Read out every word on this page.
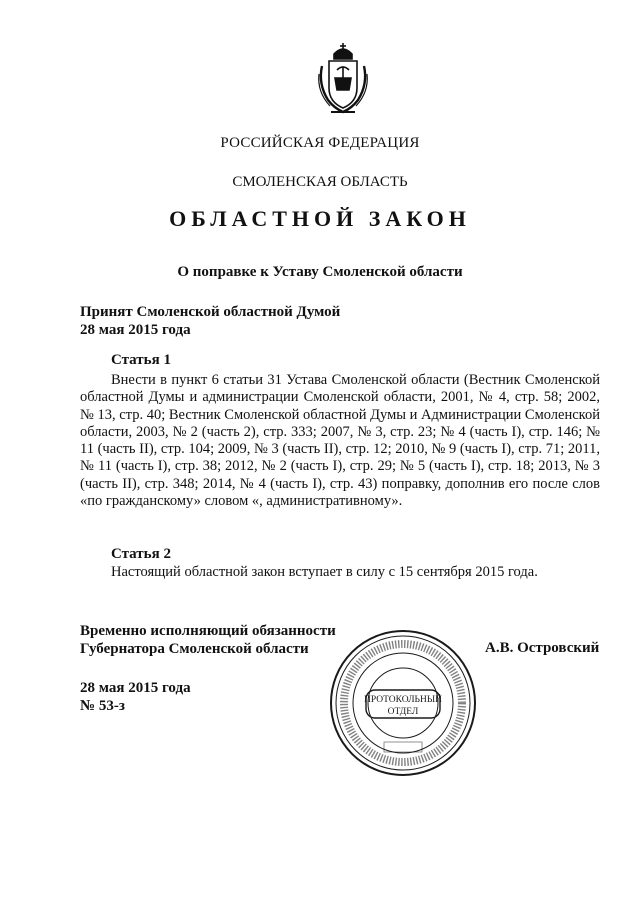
РОССИЙСКАЯ ФЕДЕРАЦИЯ
СМОЛЕНСКАЯ ОБЛАСТЬ
ОБЛАСТНОЙ ЗАКОН
О поправке к Уставу Смоленской области
Принят Смоленской областной Думой
28 мая 2015 года
Статья 1
Внести в пункт 6 статьи 31 Устава Смоленской области (Вестник Смоленской областной Думы и администрации Смоленской области, 2001, № 4, стр. 58; 2002, № 13, стр. 40; Вестник Смоленской областной Думы и Администрации Смоленской области, 2003, № 2 (часть 2), стр. 333; 2007, № 3, стр. 23; № 4 (часть I), стр. 146; № 11 (часть II), стр. 104; 2009, № 3 (часть II), стр. 12; 2010, № 9 (часть I), стр. 71; 2011, № 11 (часть I), стр. 38; 2012, № 2 (часть I), стр. 29; № 5 (часть I), стр. 18; 2013, № 3 (часть II), стр. 348; 2014, № 4 (часть I), стр. 43) поправку, дополнив его после слов «по гражданскому» словом «, административному».
Статья 2
Настоящий областной закон вступает в силу с 15 сентября 2015 года.
Временно исполняющий обязанности
Губернатора Смоленской области	А.В. Островский
28 мая 2015 года
№ 53-з	ПРОТОКОЛЬНЫЙ
ОТДЕЛ
